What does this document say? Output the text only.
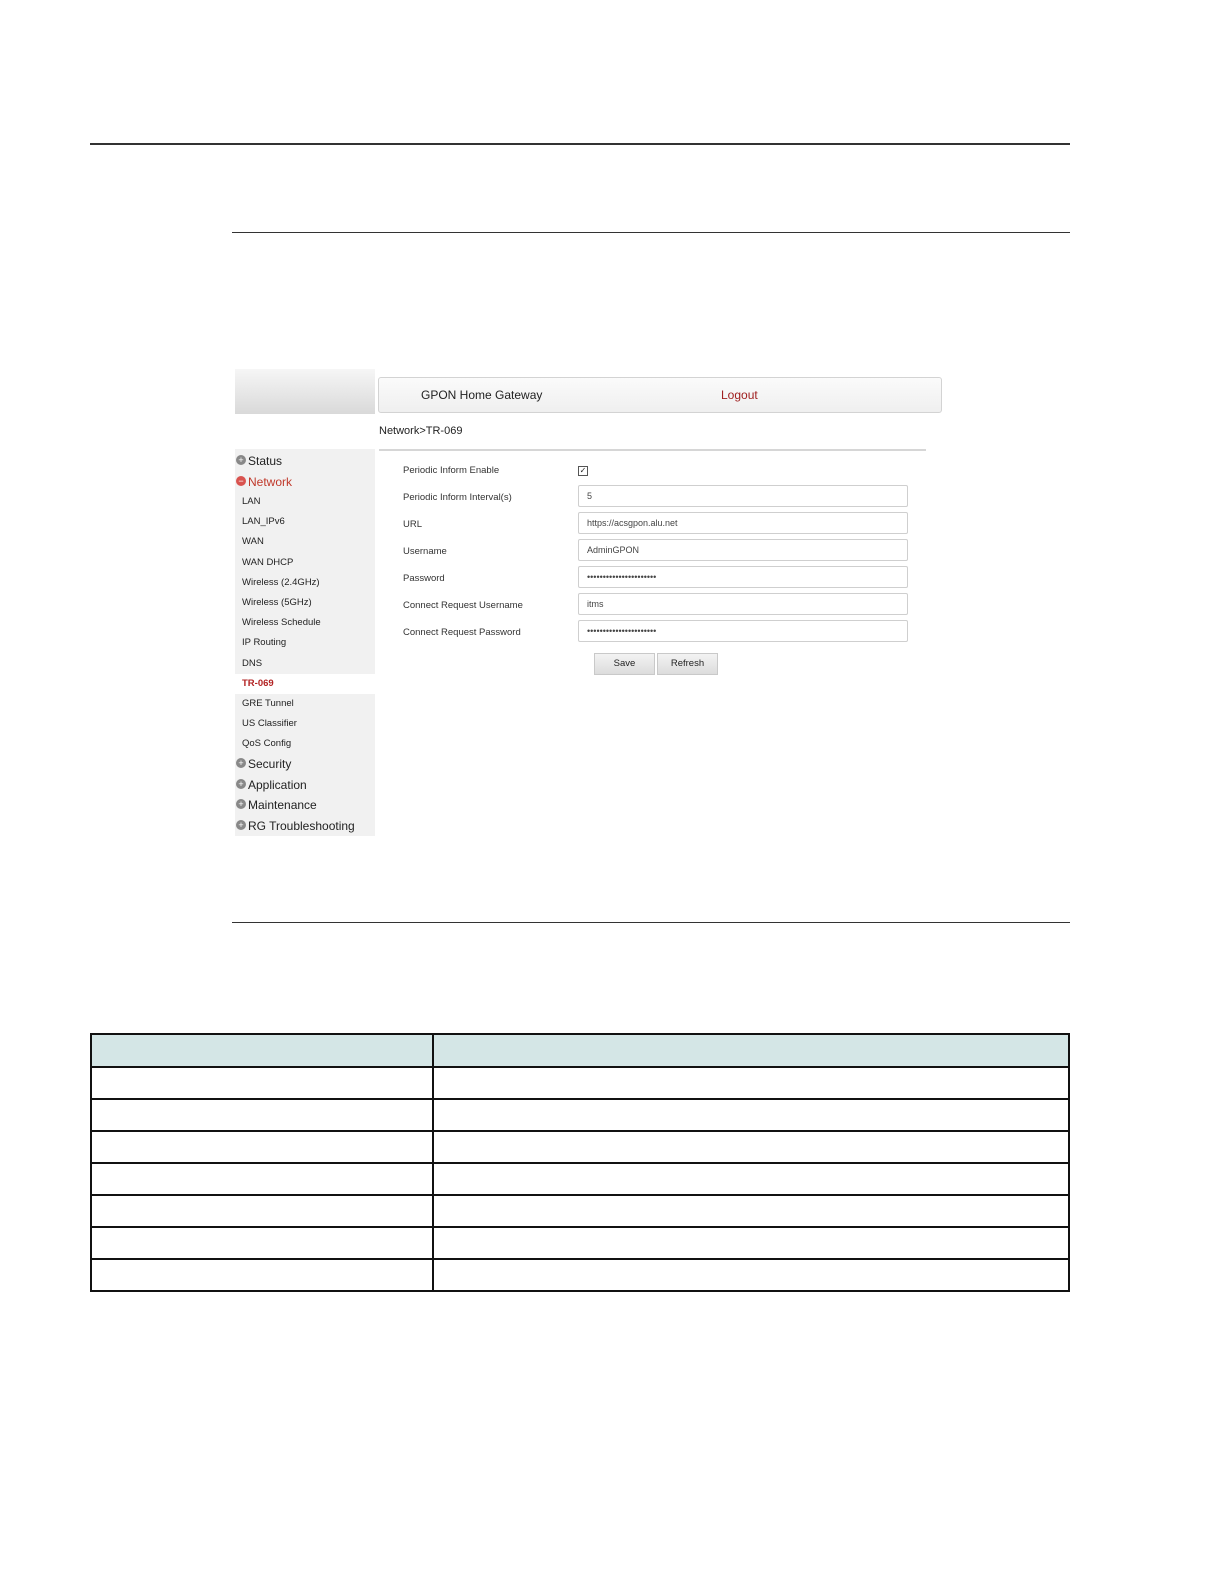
+ Status
− Network
LAN
LAN_IPv6
WAN
WAN DHCP
Wireless (2.4GHz)
Wireless (5GHz)
Wireless Schedule
IP Routing
DNS
TR-069
GRE Tunnel
US Classifier
QoS Config
+ Security
+ Application
+ Maintenance
+ RG Troubleshooting
GPON Home Gateway	Logout
Network>TR-069
Periodic Inform Enable	✓
Periodic Inform Interval(s)	5
URL	https://acsgpon.alu.net
Username	AdminGPON
Password	••••••••••••••••••••••
Connect Request Username	itms
Connect Request Password	••••••••••••••••••••••
Save	Refresh
